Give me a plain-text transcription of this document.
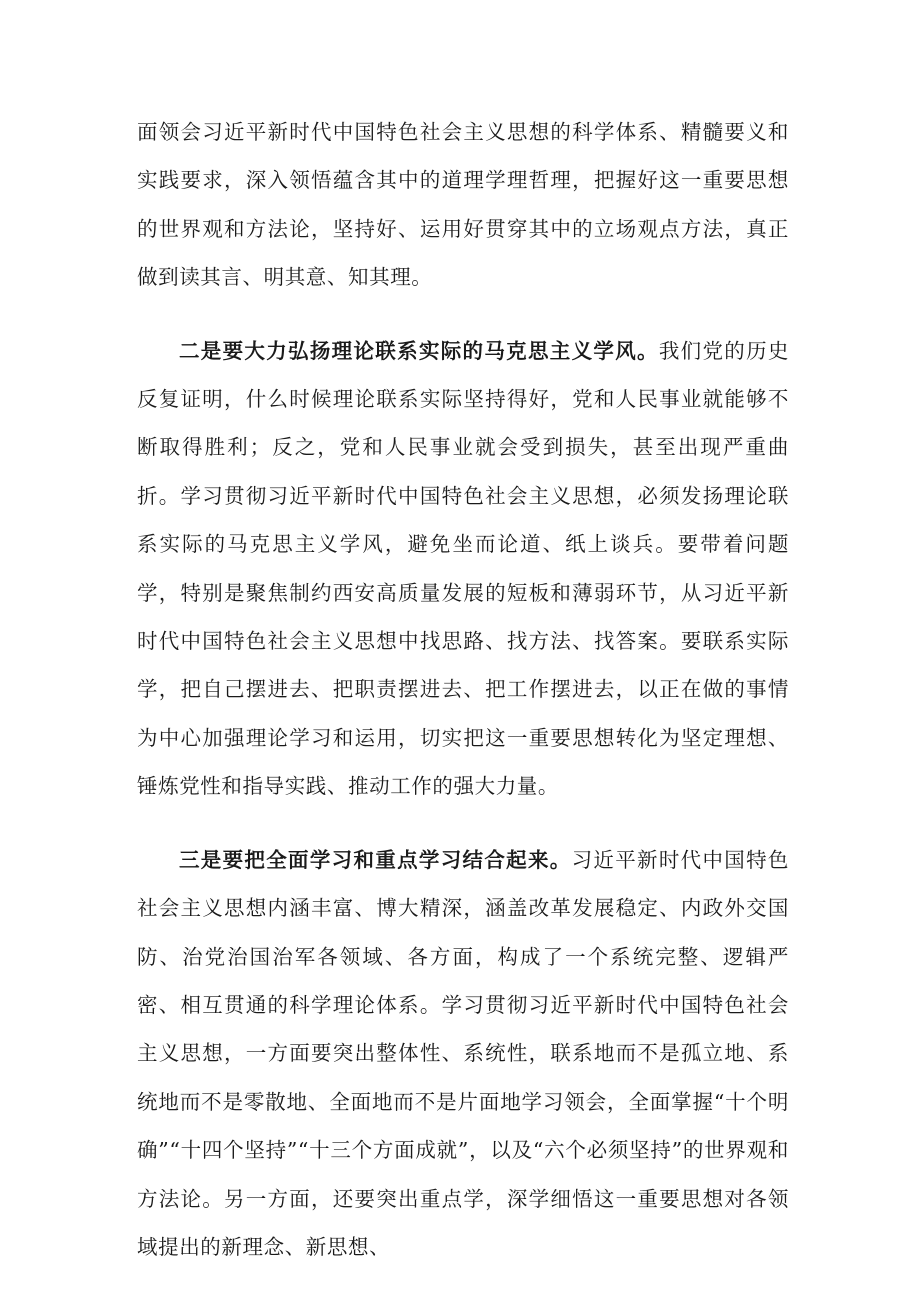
面领会习近平新时代中国特色社会主义思想的科学体系、精髓要义和实践要求，深入领悟蕴含其中的道理学理哲理，把握好这一重要思想的世界观和方法论，坚持好、运用好贯穿其中的立场观点方法，真正做到读其言、明其意、知其理。

二是要大力弘扬理论联系实际的马克思主义学风。我们党的历史反复证明，什么时候理论联系实际坚持得好，党和人民事业就能够不断取得胜利；反之，党和人民事业就会受到损失，甚至出现严重曲折。学习贯彻习近平新时代中国特色社会主义思想，必须发扬理论联系实际的马克思主义学风，避免坐而论道、纸上谈兵。要带着问题学，特别是聚焦制约西安高质量发展的短板和薄弱环节，从习近平新时代中国特色社会主义思想中找思路、找方法、找答案。要联系实际学，把自己摆进去、把职责摆进去、把工作摆进去，以正在做的事情为中心加强理论学习和运用，切实把这一重要思想转化为坚定理想、锤炼党性和指导实践、推动工作的强大力量。

三是要把全面学习和重点学习结合起来。习近平新时代中国特色社会主义思想内涵丰富、博大精深，涵盖改革发展稳定、内政外交国防、治党治国治军各领域、各方面，构成了一个系统完整、逻辑严密、相互贯通的科学理论体系。学习贯彻习近平新时代中国特色社会主义思想，一方面要突出整体性、系统性，联系地而不是孤立地、系统地而不是零散地、全面地而不是片面地学习领会，全面掌握“十个明确”“十四个坚持”“十三个方面成就”，以及“六个必须坚持”的世界观和方法论。另一方面，还要突出重点学，深学细悟这一重要思想对各领域提出的新理念、新思想、
